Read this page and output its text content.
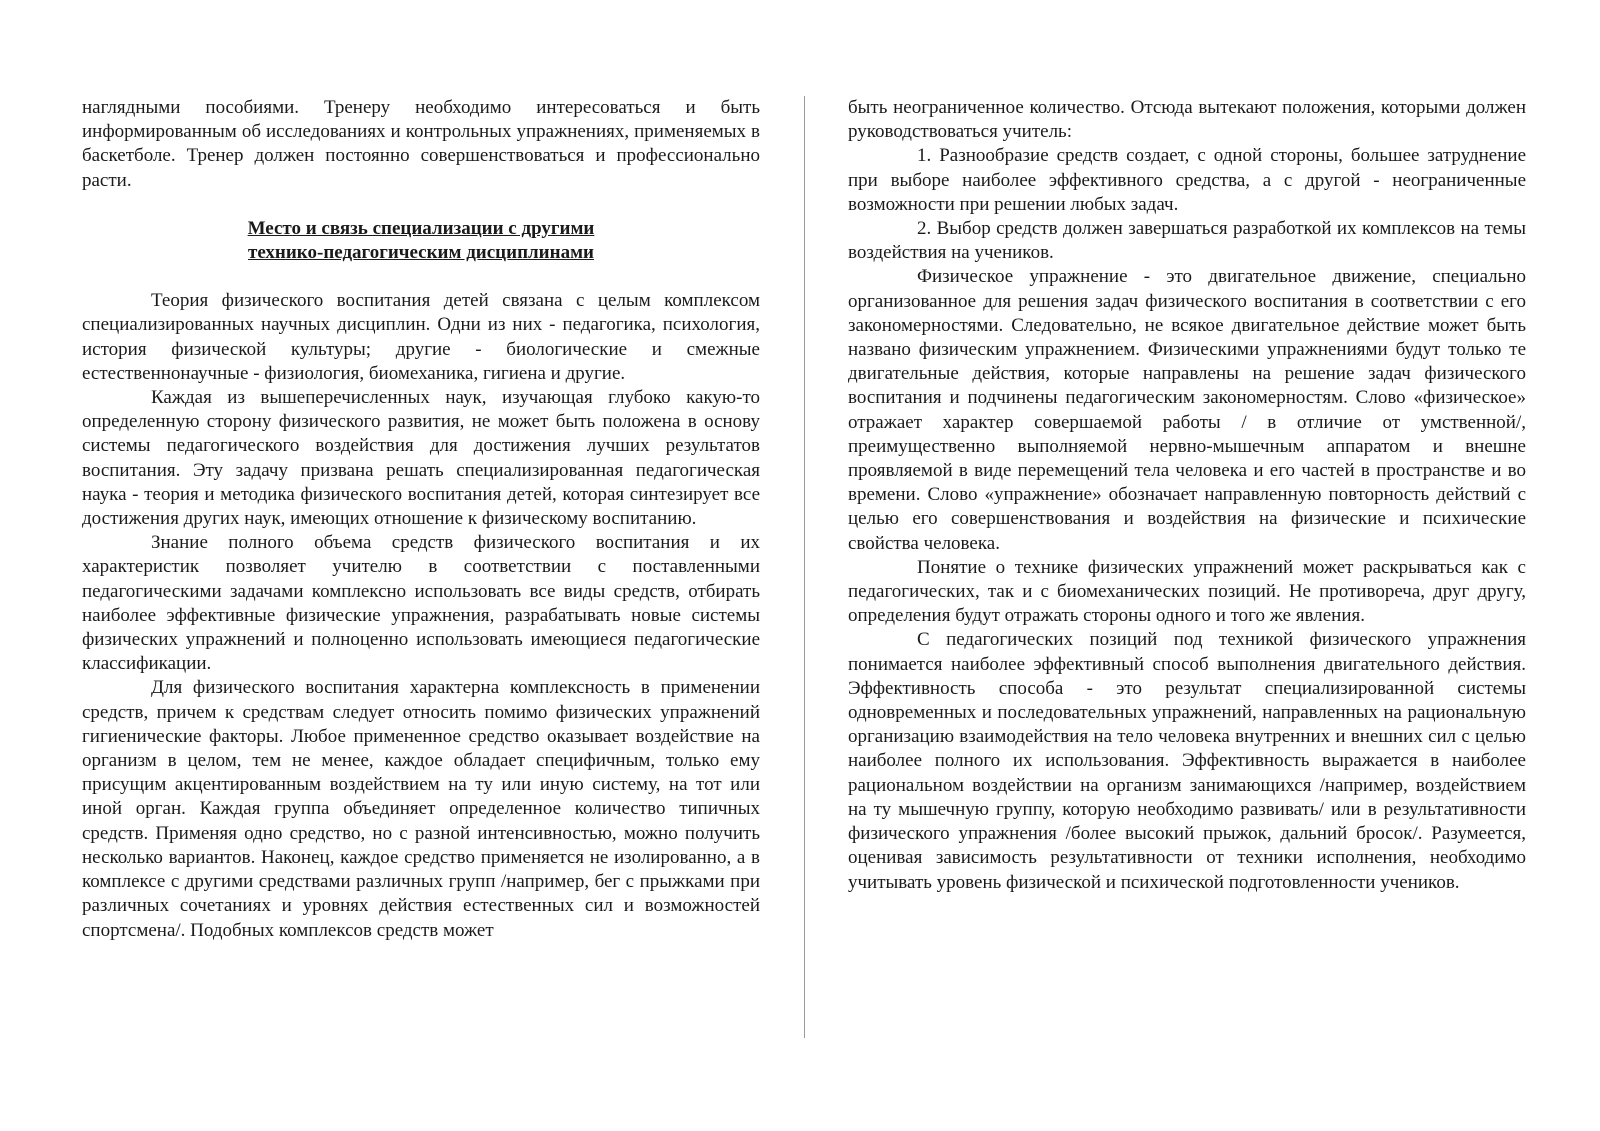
наглядными пособиями. Тренеру необходимо интересоваться и быть информированным об исследованиях и контрольных упражнениях, применяемых в баскетболе. Тренер должен постоянно совершенствоваться и профессионально расти.

Место и связь специализации с другими
технико-педагогическим дисциплинами

Теория физического воспитания детей связана с целым комплексом специализированных научных дисциплин. Одни из них - педагогика, психология, история физической культуры; другие - биологические и смежные естественнонаучные - физиология, биомеханика, гигиена и другие.

Каждая из вышеперечисленных наук, изучающая глубоко какую-то определенную сторону физического развития, не может быть положена в основу системы педагогического воздействия для достижения лучших результатов воспитания. Эту задачу призвана решать специализированная педагогическая наука - теория и методика физического воспитания детей, которая синтезирует все достижения других наук, имеющих отношение к физическому воспитанию.

Знание полного объема средств физического воспитания и их характеристик позволяет учителю в соответствии с поставленными педагогическими задачами комплексно использовать все виды средств, отбирать наиболее эффективные физические упражнения, разрабатывать новые системы физических упражнений и полноценно использовать имеющиеся педагогические классификации.

Для физического воспитания характерна комплексность в применении средств, причем к средствам следует относить помимо физических упражнений гигиенические факторы. Любое примененное средство оказывает воздействие на организм в целом, тем не менее, каждое обладает специфичным, только ему присущим акцентированным воздействием на ту или иную систему, на тот или иной орган. Каждая группа объединяет определенное количество типичных средств. Применяя одно средство, но с разной интенсивностью, можно получить несколько вариантов. Наконец, каждое средство применяется не изолированно, а в комплексе с другими средствами различных групп /например, бег с прыжками при различных сочетаниях и уровнях действия естественных сил и возможностей спортсмена/. Подобных комплексов средств может

быть неограниченное количество. Отсюда вытекают положения, которыми должен руководствоваться учитель:

1. Разнообразие средств создает, с одной стороны, большее затруднение при выборе наиболее эффективного средства, а с другой - неограниченные возможности при решении любых задач.

2. Выбор средств должен завершаться разработкой их комплексов на темы воздействия на учеников.

Физическое упражнение - это двигательное движение, специально организованное для решения задач физического воспитания в соответствии с его закономерностями. Следовательно, не всякое двигательное действие может быть названо физическим упражнением. Физическими упражнениями будут только те двигательные действия, которые направлены на решение задач физического воспитания и подчинены педагогическим закономерностям. Слово «физическое» отражает характер совершаемой работы / в отличие от умственной/, преимущественно выполняемой нервно-мышечным аппаратом и внешне проявляемой в виде перемещений тела человека и его частей в пространстве и во времени. Слово «упражнение» обозначает направленную повторность действий с целью его совершенствования и воздействия на физические и психические свойства человека.

Понятие о технике физических упражнений может раскрываться как с педагогических, так и с биомеханических позиций. Не противореча, друг другу, определения будут отражать стороны одного и того же явления.

С педагогических позиций под техникой физического упражнения понимается наиболее эффективный способ выполнения двигательного действия. Эффективность способа - это результат специализированной системы одновременных и последовательных упражнений, направленных на рациональную организацию взаимодействия на тело человека внутренних и внешних сил с целью наиболее полного их использования. Эффективность выражается в наиболее рациональном воздействии на организм занимающихся /например, воздействием на ту мышечную группу, которую необходимо развивать/ или в результативности физического упражнения /более высокий прыжок, дальний бросок/. Разумеется, оценивая зависимость результативности от техники исполнения, необходимо учитывать уровень физической и психической подготовленности учеников.
